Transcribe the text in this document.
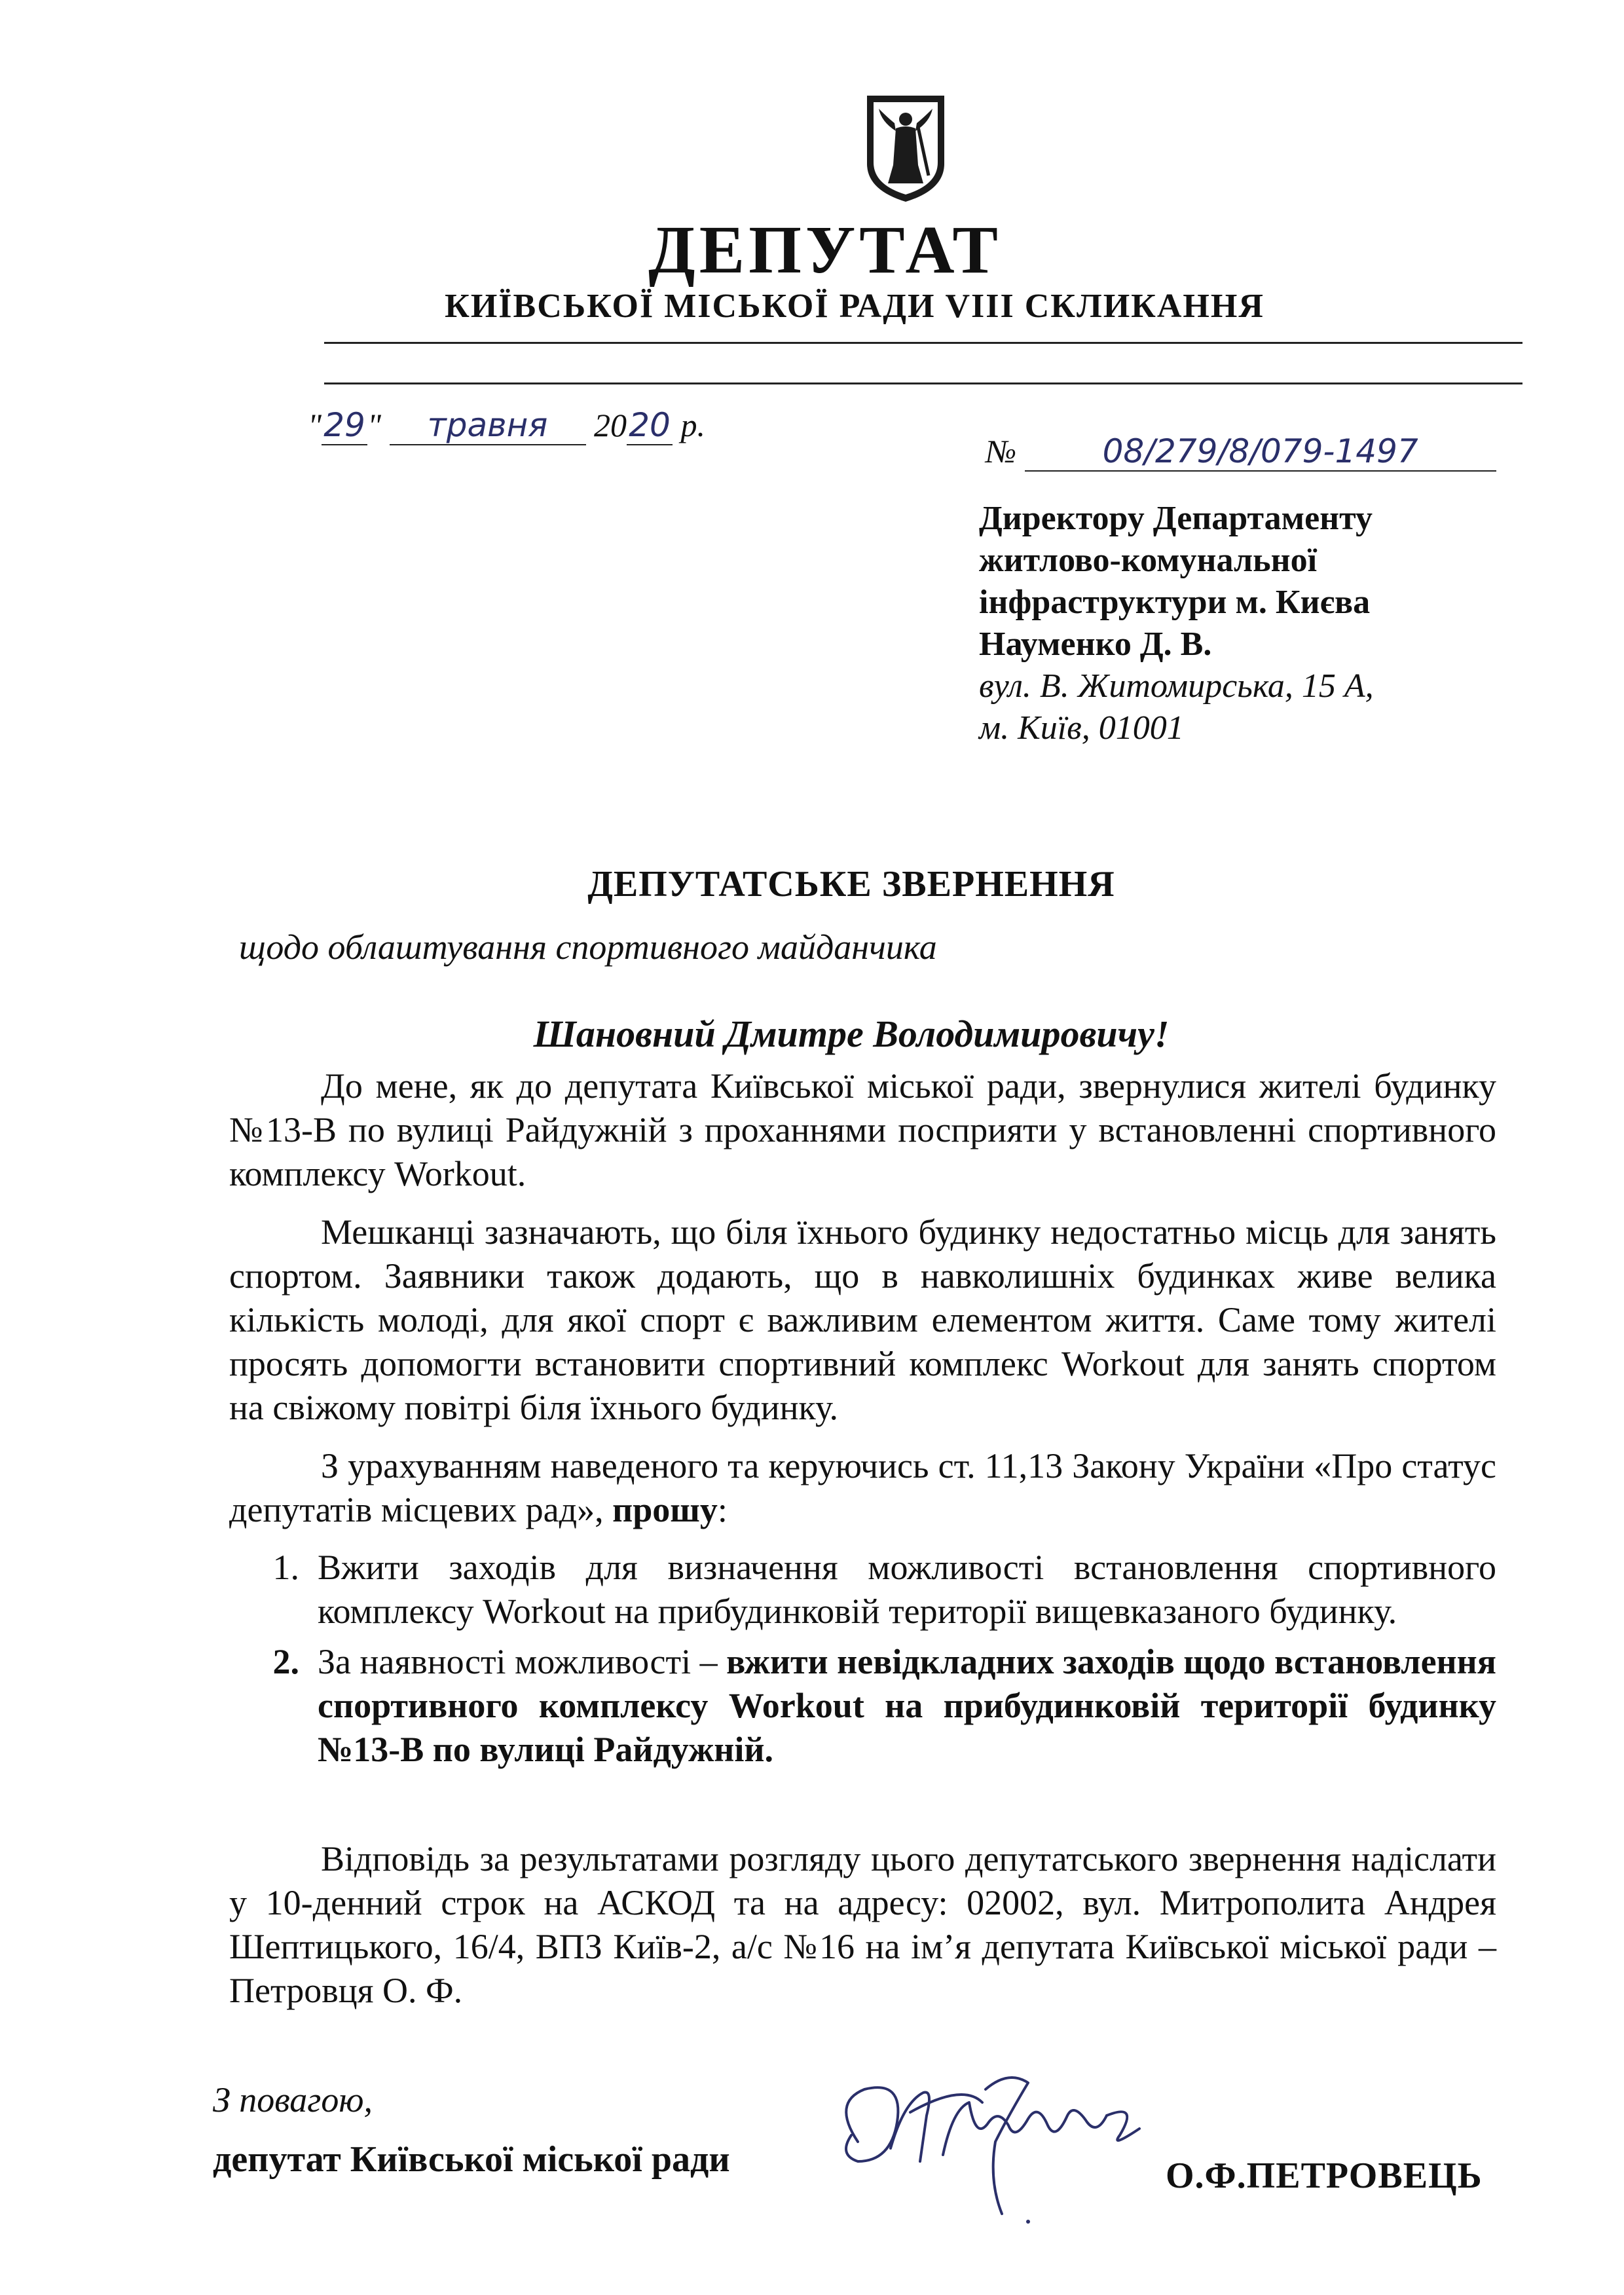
ДЕПУТАТ
КИЇВСЬКОЇ МІСЬКОЇ РАДИ VIII СКЛИКАННЯ
"29" травня 2020 р.
№	08/279/8/079-1497
Директору Департаменту
житлово-комунальної
інфраструктури м. Києва
Науменко Д. В.
вул. В. Житомирська, 15 А,
м. Київ, 01001
ДЕПУТАТСЬКЕ ЗВЕРНЕННЯ
щодо облаштування спортивного майданчика
Шановний Дмитре Володимировичу!
До мене, як до депутата Київської міської ради, звернулися жителі будинку №13-В по вулиці Райдужній з проханнями посприяти у встановленні спортивного комплексу Workout.
Мешканці зазначають, що біля їхнього будинку недостатньо місць для занять спортом. Заявники також додають, що в навколишніх будинках живе велика кількість молоді, для якої спорт є важливим елементом життя. Саме тому жителі просять допомогти встановити спортивний комплекс Workout для занять спортом на свіжому повітрі біля їхнього будинку.
З урахуванням наведеного та керуючись ст. 11,13 Закону України «Про статус депутатів місцевих рад», прошу:
1. Вжити заходів для визначення можливості встановлення спортивного комплексу Workout на прибудинковій території вищевказаного будинку.
2. За наявності можливості – вжити невідкладних заходів щодо встановлення спортивного комплексу Workout на прибудинковій території будинку №13-В по вулиці Райдужній.
Відповідь за результатами розгляду цього депутатського звернення надіслати у 10-денний строк на АСКОД та на адресу: 02002, вул. Митрополита Андрея Шептицького, 16/4, ВПЗ Київ-2, а/с №16 на ім’я депутата Київської міської ради – Петровця О. Ф.
З повагою,
депутат Київської міської ради	О.Ф.ПЕТРОВЕЦЬ
